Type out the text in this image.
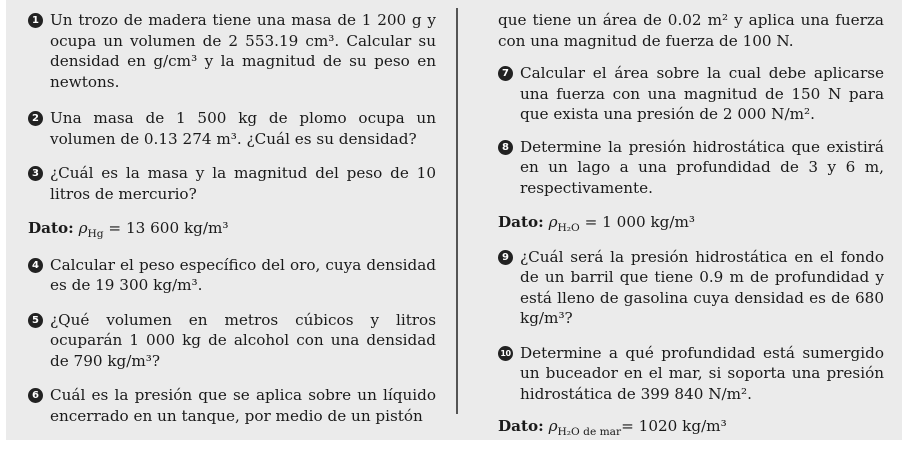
1 Un trozo de madera tiene una masa de 1 200 g y ocupa un volumen de 2 553.19 cm³. Calcular su densidad en g/cm³ y la magnitud de su peso en newtons.
2 Una masa de 1 500 kg de plomo ocupa un volumen de 0.13 274 m³. ¿Cuál es su densidad?
3 ¿Cuál es la masa y la magnitud del peso de 10 litros de mercurio?
Dato: $\rho_{Hg} = 13$ 600 kg/m³
4 Calcular el peso específico del oro, cuya densidad es de 19 300 kg/m³.
5 ¿Qué volumen en metros cúbicos y litros ocuparán 1 000 kg de alcohol con una densidad de 790 kg/m³?
6 Cuál es la presión que se aplica sobre un líquido encerrado en un tanque, por medio de un pistón
que tiene un área de 0.02 m² y aplica una fuerza con una magnitud de fuerza de 100 N.
7 Calcular el área sobre la cual debe aplicarse una fuerza con una magnitud de 150 N para que exista una presión de 2 000 N/m².
8 Determine la presión hidrostática que existirá en un lago a una profundidad de 3 y 6 m, respectivamente.
Dato: $\rho_{H_2O} = 1$ 000 kg/m³
9 ¿Cuál será la presión hidrostática en el fondo de un barril que tiene 0.9 m de profundidad y está lleno de gasolina cuya densidad es de 680 kg/m³?
10 Determine a qué profundidad está sumergido un buceador en el mar, si soporta una presión hidrostática de 399 840 N/m².
Dato: $\rho_{H_2O de mar}= 1020$ kg/m³
